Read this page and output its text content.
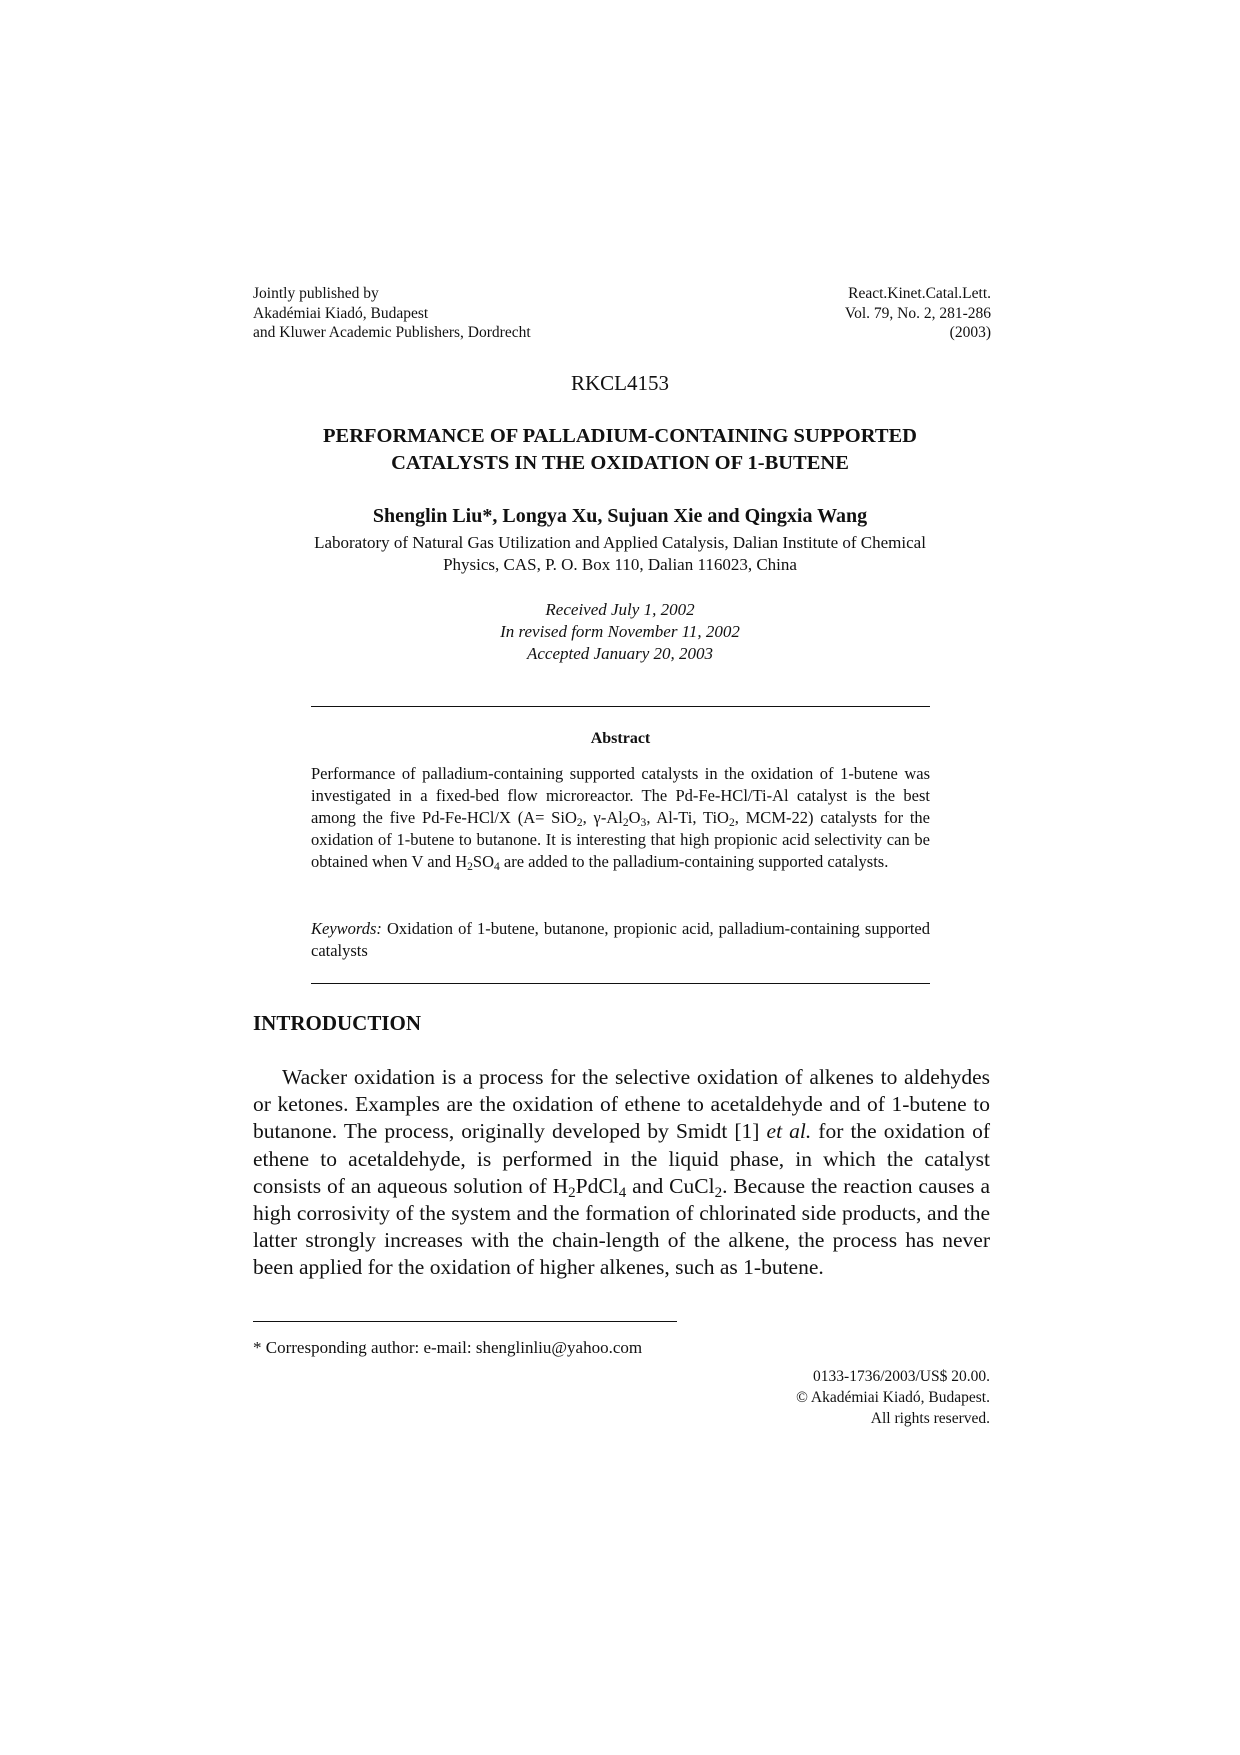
Jointly published by
Akadémiai Kiadó, Budapest
and Kluwer Academic Publishers, Dordrecht
React.Kinet.Catal.Lett.
Vol. 79, No. 2, 281-286
(2003)
RKCL4153
PERFORMANCE OF PALLADIUM-CONTAINING SUPPORTED
CATALYSTS IN THE OXIDATION OF 1-BUTENE
Shenglin Liu*, Longya Xu, Sujuan Xie and Qingxia Wang
Laboratory of Natural Gas Utilization and Applied Catalysis, Dalian Institute of Chemical
Physics, CAS, P. O. Box 110, Dalian 116023, China
Received July 1, 2002
In revised form November 11, 2002
Accepted January 20, 2003
Abstract
Performance of palladium-containing supported catalysts in the oxidation of 1-butene was investigated in a fixed-bed flow microreactor. The Pd-Fe-HCl/Ti-Al catalyst is the best among the five Pd-Fe-HCl/X (A= SiO$_2$, $\gamma-Al_2O_3$, Al-Ti, TiO$_2$, MCM-22) catalysts for the oxidation of 1-butene to butanone. It is interesting that high propionic acid selectivity can be obtained when V and $H_2SO_4$ are added to the palladium-containing supported catalysts.
Keywords: Oxidation of 1-butene, butanone, propionic acid, palladium-containing supported catalysts
INTRODUCTION

Wacker oxidation is a process for the selective oxidation of alkenes to aldehydes or ketones. Examples are the oxidation of ethene to acetaldehyde and of 1-butene to butanone. The process, originally developed by Smidt [1] et al. for the oxidation of ethene to acetaldehyde, is performed in the liquid phase, in which the catalyst consists of an aqueous solution of $H_2PdCl_4$ and CuCl$_2$. Because the reaction causes a high corrosivity of the system and the formation of chlorinated side products, and the latter strongly increases with the chain-length of the alkene, the process has never been applied for the oxidation of higher alkenes, such as 1-butene.

* Corresponding author: e-mail: shenglinliu@yahoo.com
0133-1736/2003/US$ 20.00.
© Akadémiai Kiadó, Budapest.
All rights reserved.
